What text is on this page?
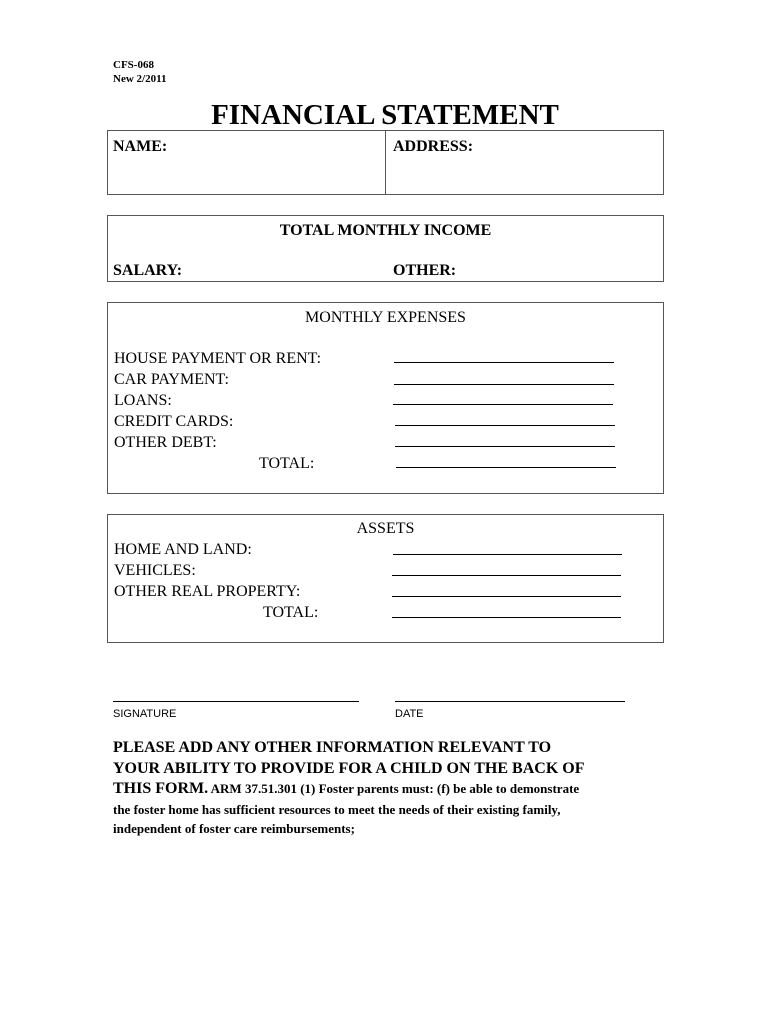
CFS-068
New 2/2011
FINANCIAL STATEMENT
NAME:	ADDRESS:
TOTAL MONTHLY INCOME
SALARY:	OTHER:
MONTHLY EXPENSES
HOUSE PAYMENT OR RENT:
CAR PAYMENT:
LOANS:
CREDIT CARDS:
OTHER DEBT:
TOTAL:
ASSETS
HOME AND LAND:
VEHICLES:
OTHER REAL PROPERTY:
TOTAL:
SIGNATURE	DATE
PLEASE ADD ANY OTHER INFORMATION RELEVANT TO
YOUR ABILITY TO PROVIDE FOR A CHILD ON THE BACK OF
THIS FORM. ARM 37.51.301 (1) Foster parents must: (f) be able to demonstrate
the foster home has sufficient resources to meet the needs of their existing family,
independent of foster care reimbursements;
